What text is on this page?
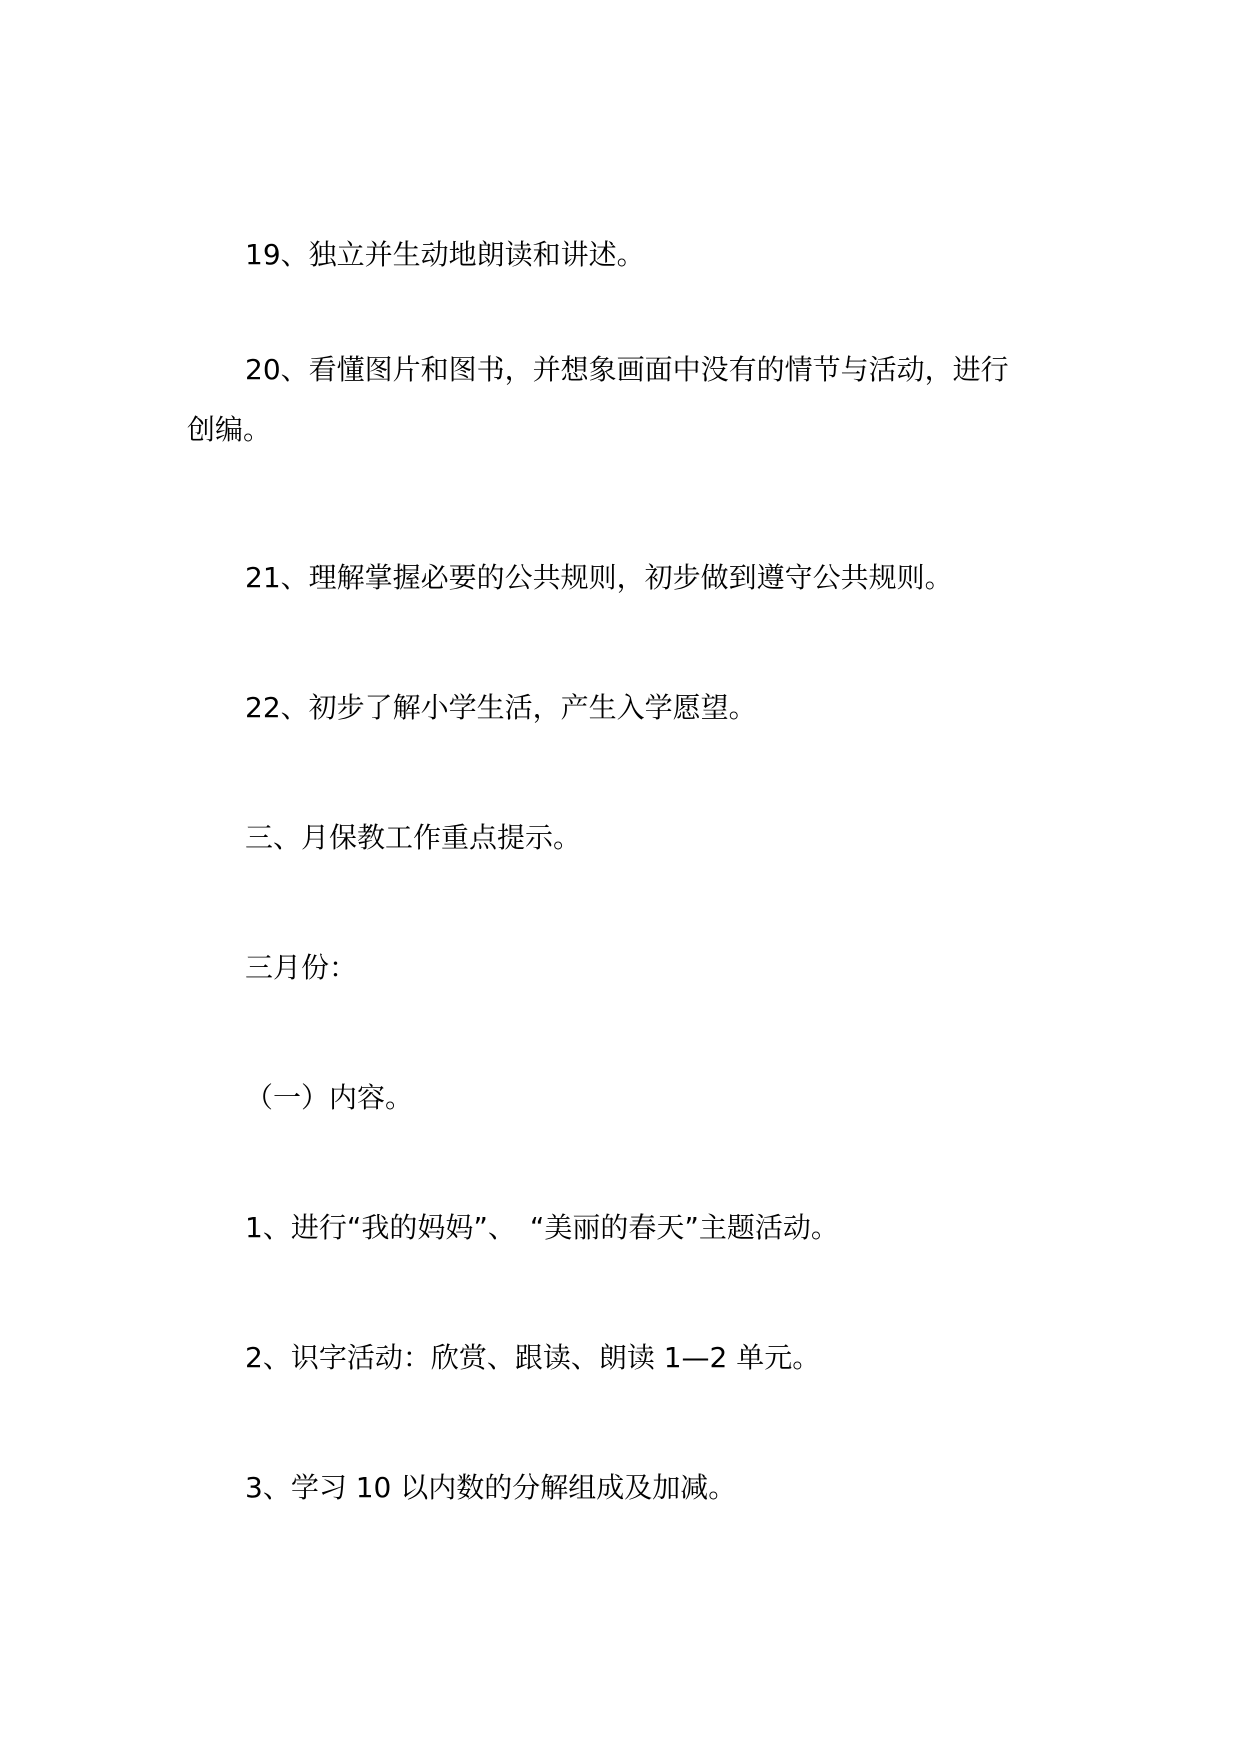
19、独立并生动地朗读和讲述。

20、看懂图片和图书，并想象画面中没有的情节与活动，进行
创编。

21、理解掌握必要的公共规则，初步做到遵守公共规则。

22、初步了解小学生活，产生入学愿望。

三、月保教工作重点提示。

三月份：

（一）内容。

1、进行“我的妈妈”、　“美丽的春天”主题活动。

2、识字活动：欣赏、跟读、朗读 1—2 单元。

3、学习 10 以内数的分解组成及加减。
